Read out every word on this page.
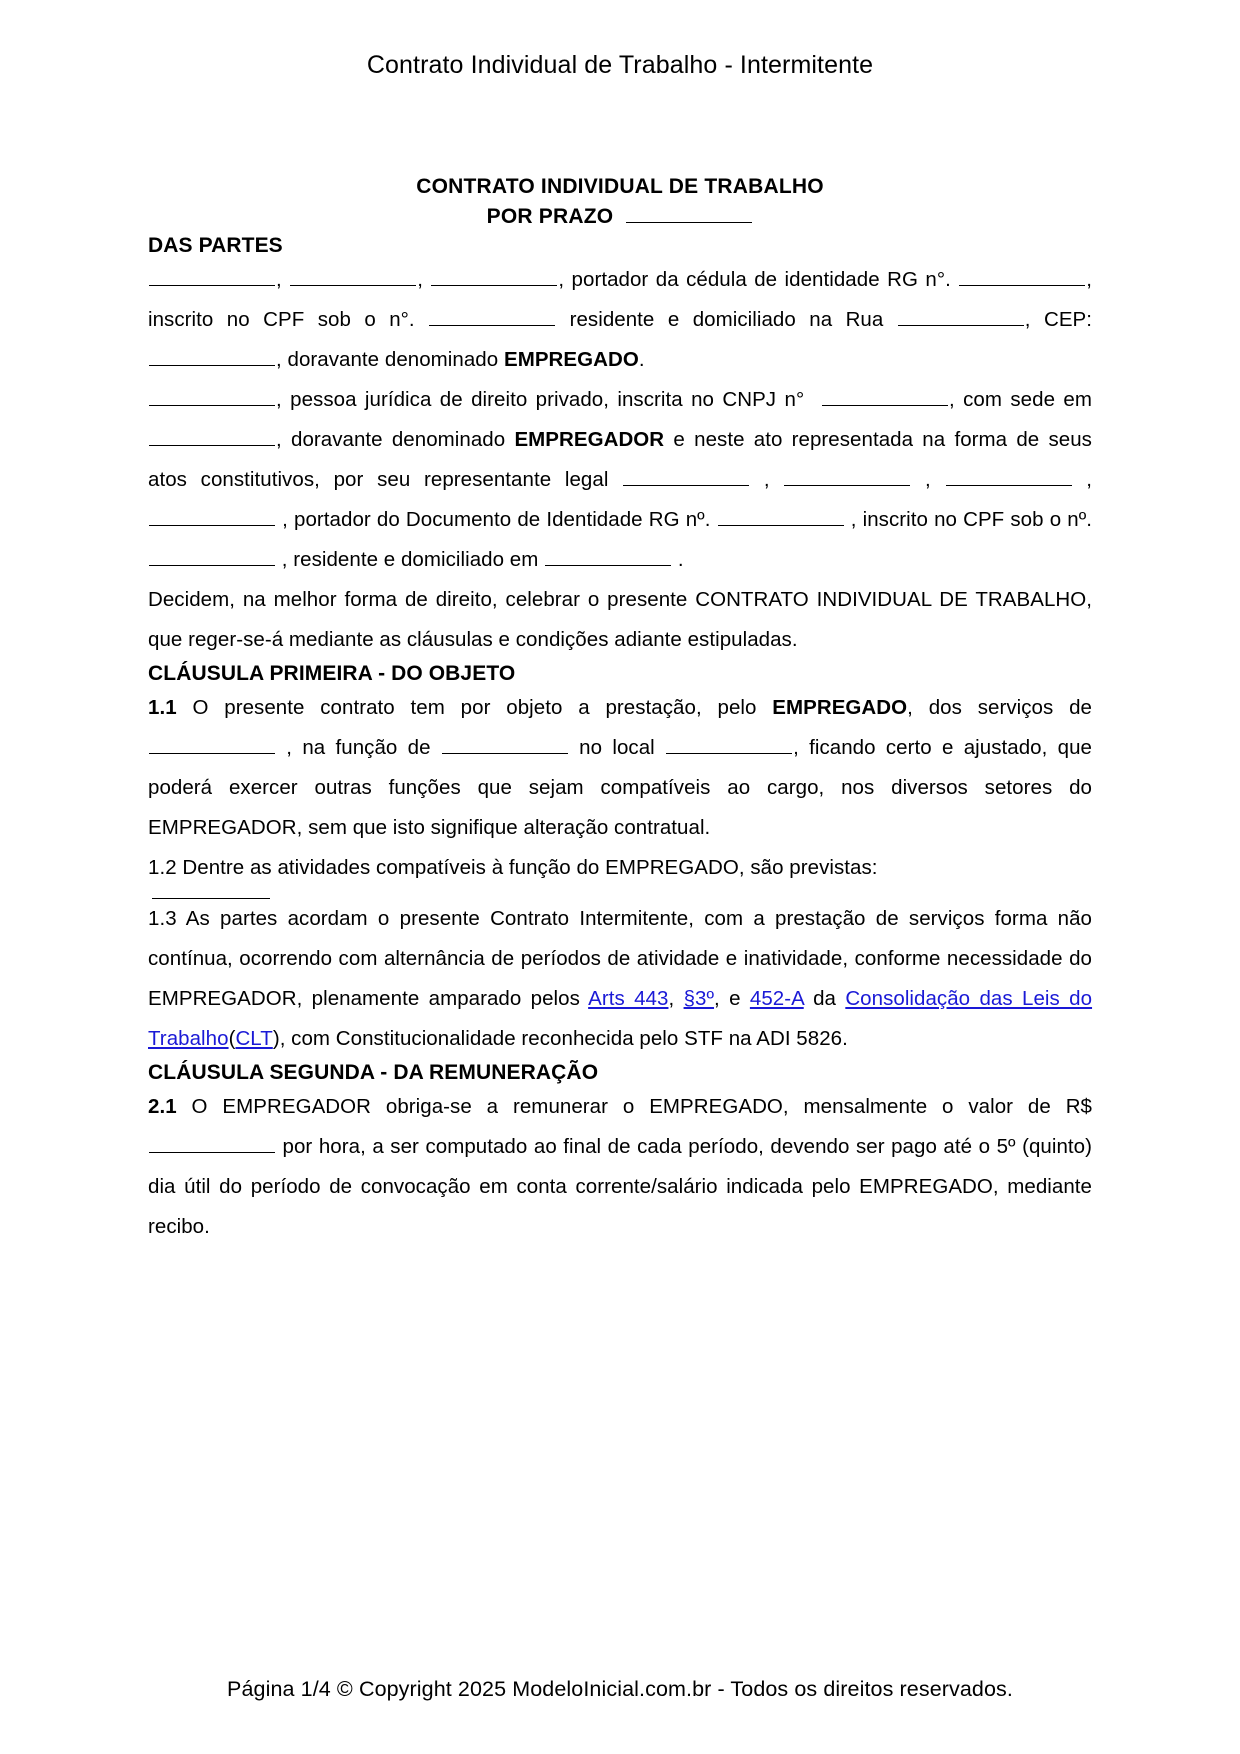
Contrato Individual de Trabalho - Intermitente
CONTRATO INDIVIDUAL DE TRABALHO
POR PRAZO
DAS PARTES

,	,	, portador da cédula de identidade RG n°.	, inscrito no CPF sob o n°.	residente e domiciliado na Rua	, CEP: , doravante denominado EMPREGADO.

, pessoa jurídica de direito privado, inscrita no CNPJ n°	, com sede em , doravante denominado EMPREGADOR e neste ato representada na forma de seus atos constitutivos, por seu representante legal	,	,	,  , portador do Documento de Identidade RG nº.	, inscrito no CPF sob o nº.  , residente e domiciliado em	.

Decidem, na melhor forma de direito, celebrar o presente CONTRATO INDIVIDUAL DE TRABALHO, que reger-se-á mediante as cláusulas e condições adiante estipuladas.

CLÁUSULA PRIMEIRA - DO OBJETO

1.1 O presente contrato tem por objeto a prestação, pelo EMPREGADO, dos serviços de  , na função de	no local	, ficando certo e ajustado, que poderá exercer outras funções que sejam compatíveis ao cargo, nos diversos setores do EMPREGADOR, sem que isto signifique alteração contratual.

1.2 Dentre as atividades compatíveis à função do EMPREGADO, são previstas:

1.3 As partes acordam o presente Contrato Intermitente, com a prestação de serviços forma não contínua, ocorrendo com alternância de períodos de atividade e inatividade, conforme necessidade do EMPREGADOR, plenamente amparado pelos Arts 443, §3º, e 452-A da Consolidação das Leis do Trabalho(CLT), com Constitucionalidade reconhecida pelo STF na ADI 5826.

CLÁUSULA SEGUNDA - DA REMUNERAÇÃO

2.1 O EMPREGADOR obriga-se a remunerar o EMPREGADO, mensalmente o valor de R$  por hora, a ser computado ao final de cada período, devendo ser pago até o 5º (quinto) dia útil do período de convocação em conta corrente/salário indicada pelo EMPREGADO, mediante recibo.

Página 1/4 © Copyright 2025 ModeloInicial.com.br - Todos os direitos reservados.
